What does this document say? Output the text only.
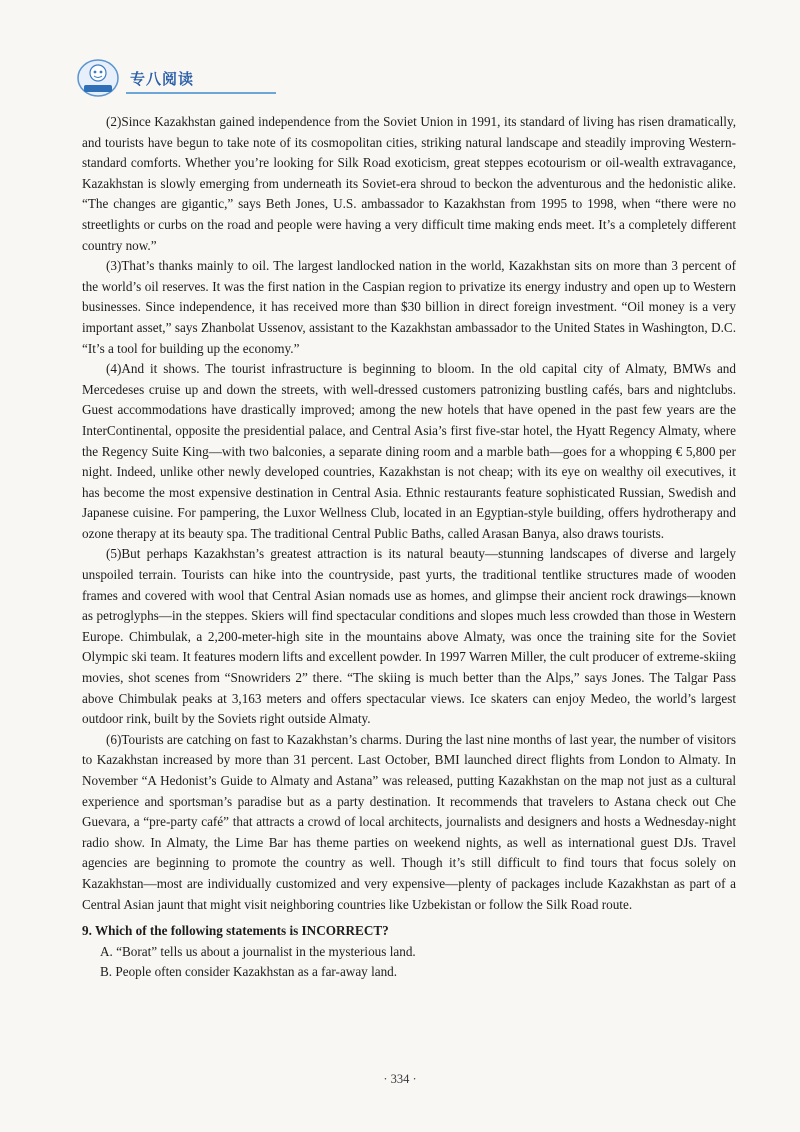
专八阅读

(2)Since Kazakhstan gained independence from the Soviet Union in 1991, its standard of living has risen dramatically, and tourists have begun to take note of its cosmopolitan cities, striking natural landscape and steadily improving Western-standard comforts. Whether you’re looking for Silk Road exoticism, great steppes ecotourism or oil-wealth extravagance, Kazakhstan is slowly emerging from underneath its Soviet-era shroud to beckon the adventurous and the hedonistic alike. “The changes are gigantic,” says Beth Jones, U.S. ambassador to Kazakhstan from 1995 to 1998, when “there were no streetlights or curbs on the road and people were having a very difficult time making ends meet. It’s a completely different country now.”

(3)That’s thanks mainly to oil. The largest landlocked nation in the world, Kazakhstan sits on more than 3 percent of the world’s oil reserves. It was the first nation in the Caspian region to privatize its energy industry and open up to Western businesses. Since independence, it has received more than $30 billion in direct foreign investment. “Oil money is a very important asset,” says Zhanbolat Ussenov, assistant to the Kazakhstan ambassador to the United States in Washington, D.C. “It’s a tool for building up the economy.”

(4)And it shows. The tourist infrastructure is beginning to bloom. In the old capital city of Almaty, BMWs and Mercedeses cruise up and down the streets, with well-dressed customers patronizing bustling cafés, bars and nightclubs. Guest accommodations have drastically improved; among the new hotels that have opened in the past few years are the InterContinental, opposite the presidential palace, and Central Asia’s first five-star hotel, the Hyatt Regency Almaty, where the Regency Suite King—with two balconies, a separate dining room and a marble bath—goes for a whopping € 5,800 per night. Indeed, unlike other newly developed countries, Kazakhstan is not cheap; with its eye on wealthy oil executives, it has become the most expensive destination in Central Asia. Ethnic restaurants feature sophisticated Russian, Swedish and Japanese cuisine. For pampering, the Luxor Wellness Club, located in an Egyptian-style building, offers hydrotherapy and ozone therapy at its beauty spa. The traditional Central Public Baths, called Arasan Banya, also draws tourists.

(5)But perhaps Kazakhstan’s greatest attraction is its natural beauty—stunning landscapes of diverse and largely unspoiled terrain. Tourists can hike into the countryside, past yurts, the traditional tentlike structures made of wooden frames and covered with wool that Central Asian nomads use as homes, and glimpse their ancient rock drawings—known as petroglyphs—in the steppes. Skiers will find spectacular conditions and slopes much less crowded than those in Western Europe. Chimbulak, a 2,200-meter-high site in the mountains above Almaty, was once the training site for the Soviet Olympic ski team. It features modern lifts and excellent powder. In 1997 Warren Miller, the cult producer of extreme-skiing movies, shot scenes from “Snowriders 2” there. “The skiing is much better than the Alps,” says Jones. The Talgar Pass above Chimbulak peaks at 3,163 meters and offers spectacular views. Ice skaters can enjoy Medeo, the world’s largest outdoor rink, built by the Soviets right outside Almaty.

(6)Tourists are catching on fast to Kazakhstan’s charms. During the last nine months of last year, the number of visitors to Kazakhstan increased by more than 31 percent. Last October, BMI launched direct flights from London to Almaty. In November “A Hedonist’s Guide to Almaty and Astana” was released, putting Kazakhstan on the map not just as a cultural experience and sportsman’s paradise but as a party destination. It recommends that travelers to Astana check out Che Guevara, a “pre-party café” that attracts a crowd of local architects, journalists and designers and hosts a Wednesday-night radio show. In Almaty, the Lime Bar has theme parties on weekend nights, as well as international guest DJs. Travel agencies are beginning to promote the country as well. Though it’s still difficult to find tours that focus solely on Kazakhstan—most are individually customized and very expensive—plenty of packages include Kazakhstan as part of a Central Asian jaunt that might visit neighboring countries like Uzbekistan or follow the Silk Road route.

9. Which of the following statements is INCORRECT?

A. “Borat” tells us about a journalist in the mysterious land.

B. People often consider Kazakhstan as a far-away land.

· 334 ·
